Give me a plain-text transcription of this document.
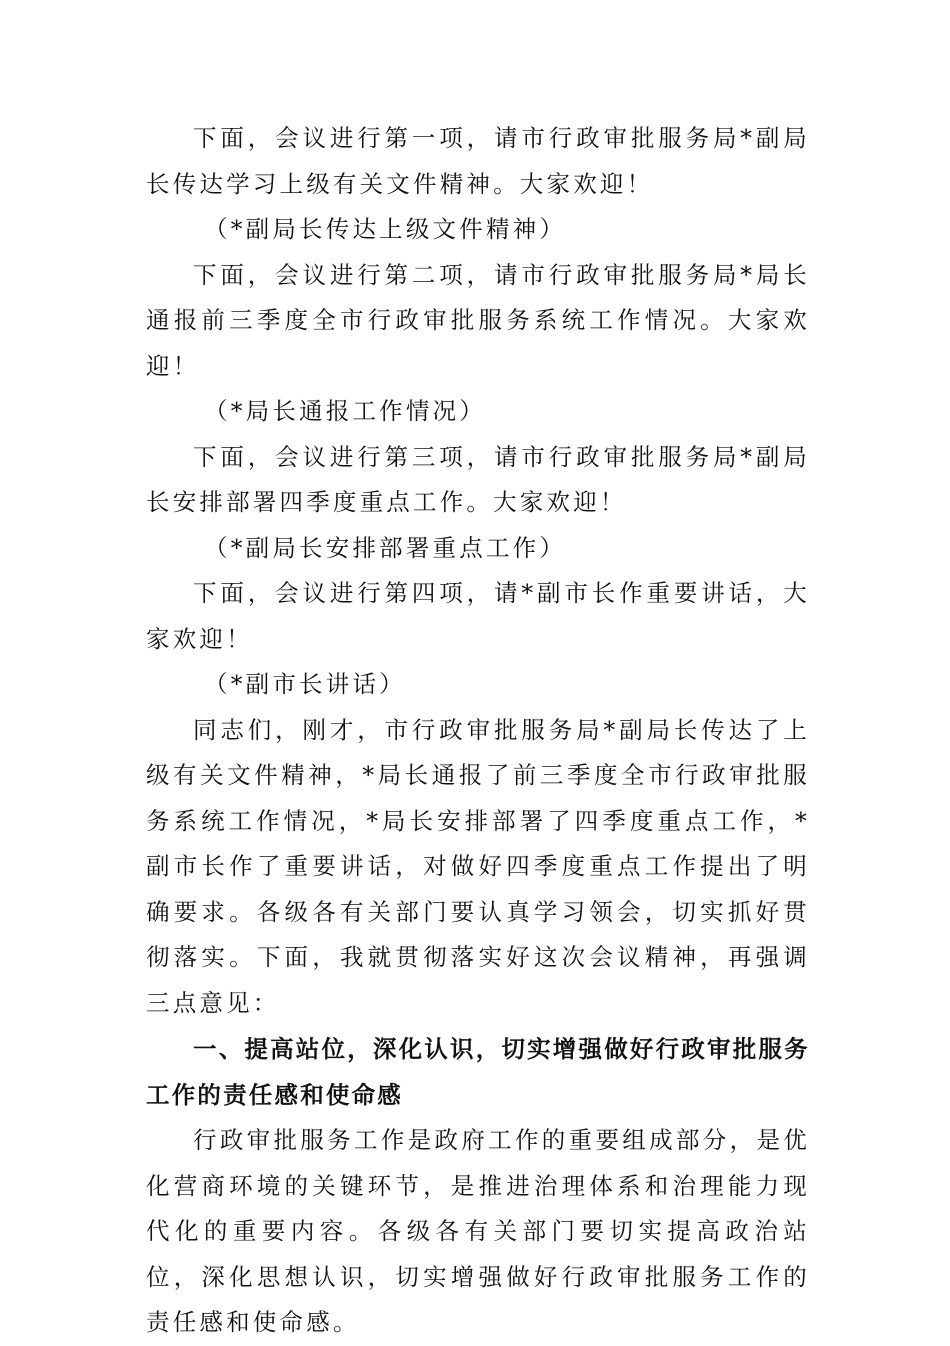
下面，会议进行第一项，请市行政审批服务局*副局长传达学习上级有关文件精神。大家欢迎！

（*副局长传达上级文件精神）

下面，会议进行第二项，请市行政审批服务局*局长通报前三季度全市行政审批服务系统工作情况。大家欢迎！

（*局长通报工作情况）

下面，会议进行第三项，请市行政审批服务局*副局长安排部署四季度重点工作。大家欢迎！

（*副局长安排部署重点工作）

下面，会议进行第四项，请*副市长作重要讲话，大家欢迎！

（*副市长讲话）

同志们，刚才，市行政审批服务局*副局长传达了上级有关文件精神，*局长通报了前三季度全市行政审批服务系统工作情况，*局长安排部署了四季度重点工作，*副市长作了重要讲话，对做好四季度重点工作提出了明确要求。各级各有关部门要认真学习领会，切实抓好贯彻落实。下面，我就贯彻落实好这次会议精神，再强调三点意见：

一、提高站位，深化认识，切实增强做好行政审批服务工作的责任感和使命感

行政审批服务工作是政府工作的重要组成部分，是优化营商环境的关键环节，是推进治理体系和治理能力现代化的重要内容。各级各有关部门要切实提高政治站位，深化思想认识，切实增强做好行政审批服务工作的责任感和使命感。
